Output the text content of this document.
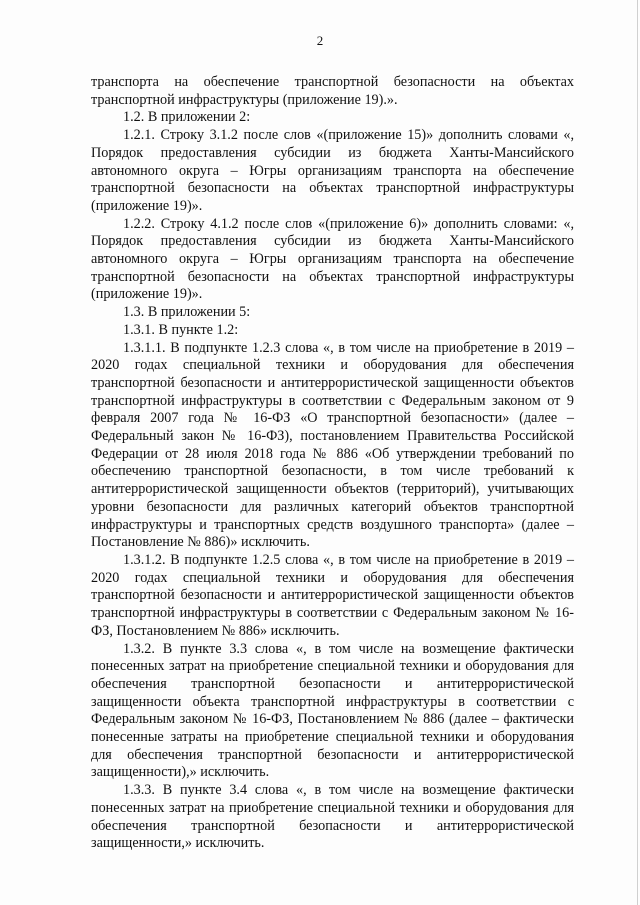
2

транспорта на обеспечение транспортной безопасности на объектах транспортной инфраструктуры (приложение 19).».

1.2. В приложении 2:

1.2.1. Строку 3.1.2 после слов «(приложение 15)» дополнить словами «, Порядок предоставления субсидии из бюджета Ханты-Мансийского автономного округа – Югры организациям транспорта на обеспечение транспортной безопасности на объектах транспортной инфраструктуры (приложение 19)».

1.2.2. Строку 4.1.2 после слов «(приложение 6)» дополнить словами: «, Порядок предоставления субсидии из бюджета Ханты-Мансийского автономного округа – Югры организациям транспорта на обеспечение транспортной безопасности на объектах транспортной инфраструктуры (приложение 19)».

1.3. В приложении 5:

1.3.1. В пункте 1.2:

1.3.1.1. В подпункте 1.2.3 слова «, в том числе на приобретение в 2019 – 2020 годах специальной техники и оборудования для обеспечения транспортной безопасности и антитеррористической защищенности объектов транспортной инфраструктуры в соответствии с Федеральным законом от 9 февраля 2007 года № 16-ФЗ «О транспортной безопасности» (далее – Федеральный закон № 16-ФЗ), постановлением Правительства Российской Федерации от 28 июля 2018 года № 886 «Об утверждении требований по обеспечению транспортной безопасности, в том числе требований к антитеррористической защищенности объектов (территорий), учитывающих уровни безопасности для различных категорий объектов транспортной инфраструктуры и транспортных средств воздушного транспорта» (далее – Постановление № 886)» исключить.

1.3.1.2. В подпункте 1.2.5 слова «, в том числе на приобретение в 2019 – 2020 годах специальной техники и оборудования для обеспечения транспортной безопасности и антитеррористической защищенности объектов транспортной инфраструктуры в соответствии с Федеральным законом № 16-ФЗ, Постановлением № 886» исключить.

1.3.2. В пункте 3.3 слова «, в том числе на возмещение фактически понесенных затрат на приобретение специальной техники и оборудования для обеспечения транспортной безопасности и антитеррористической защищенности объекта транспортной инфраструктуры в соответствии с Федеральным законом № 16-ФЗ, Постановлением № 886 (далее – фактически понесенные затраты на приобретение специальной техники и оборудования для обеспечения транспортной безопасности и антитеррористической защищенности),» исключить.

1.3.3. В пункте 3.4 слова «, в том числе на возмещение фактически понесенных затрат на приобретение специальной техники и оборудования для обеспечения транспортной безопасности и антитеррористической защищенности,» исключить.
